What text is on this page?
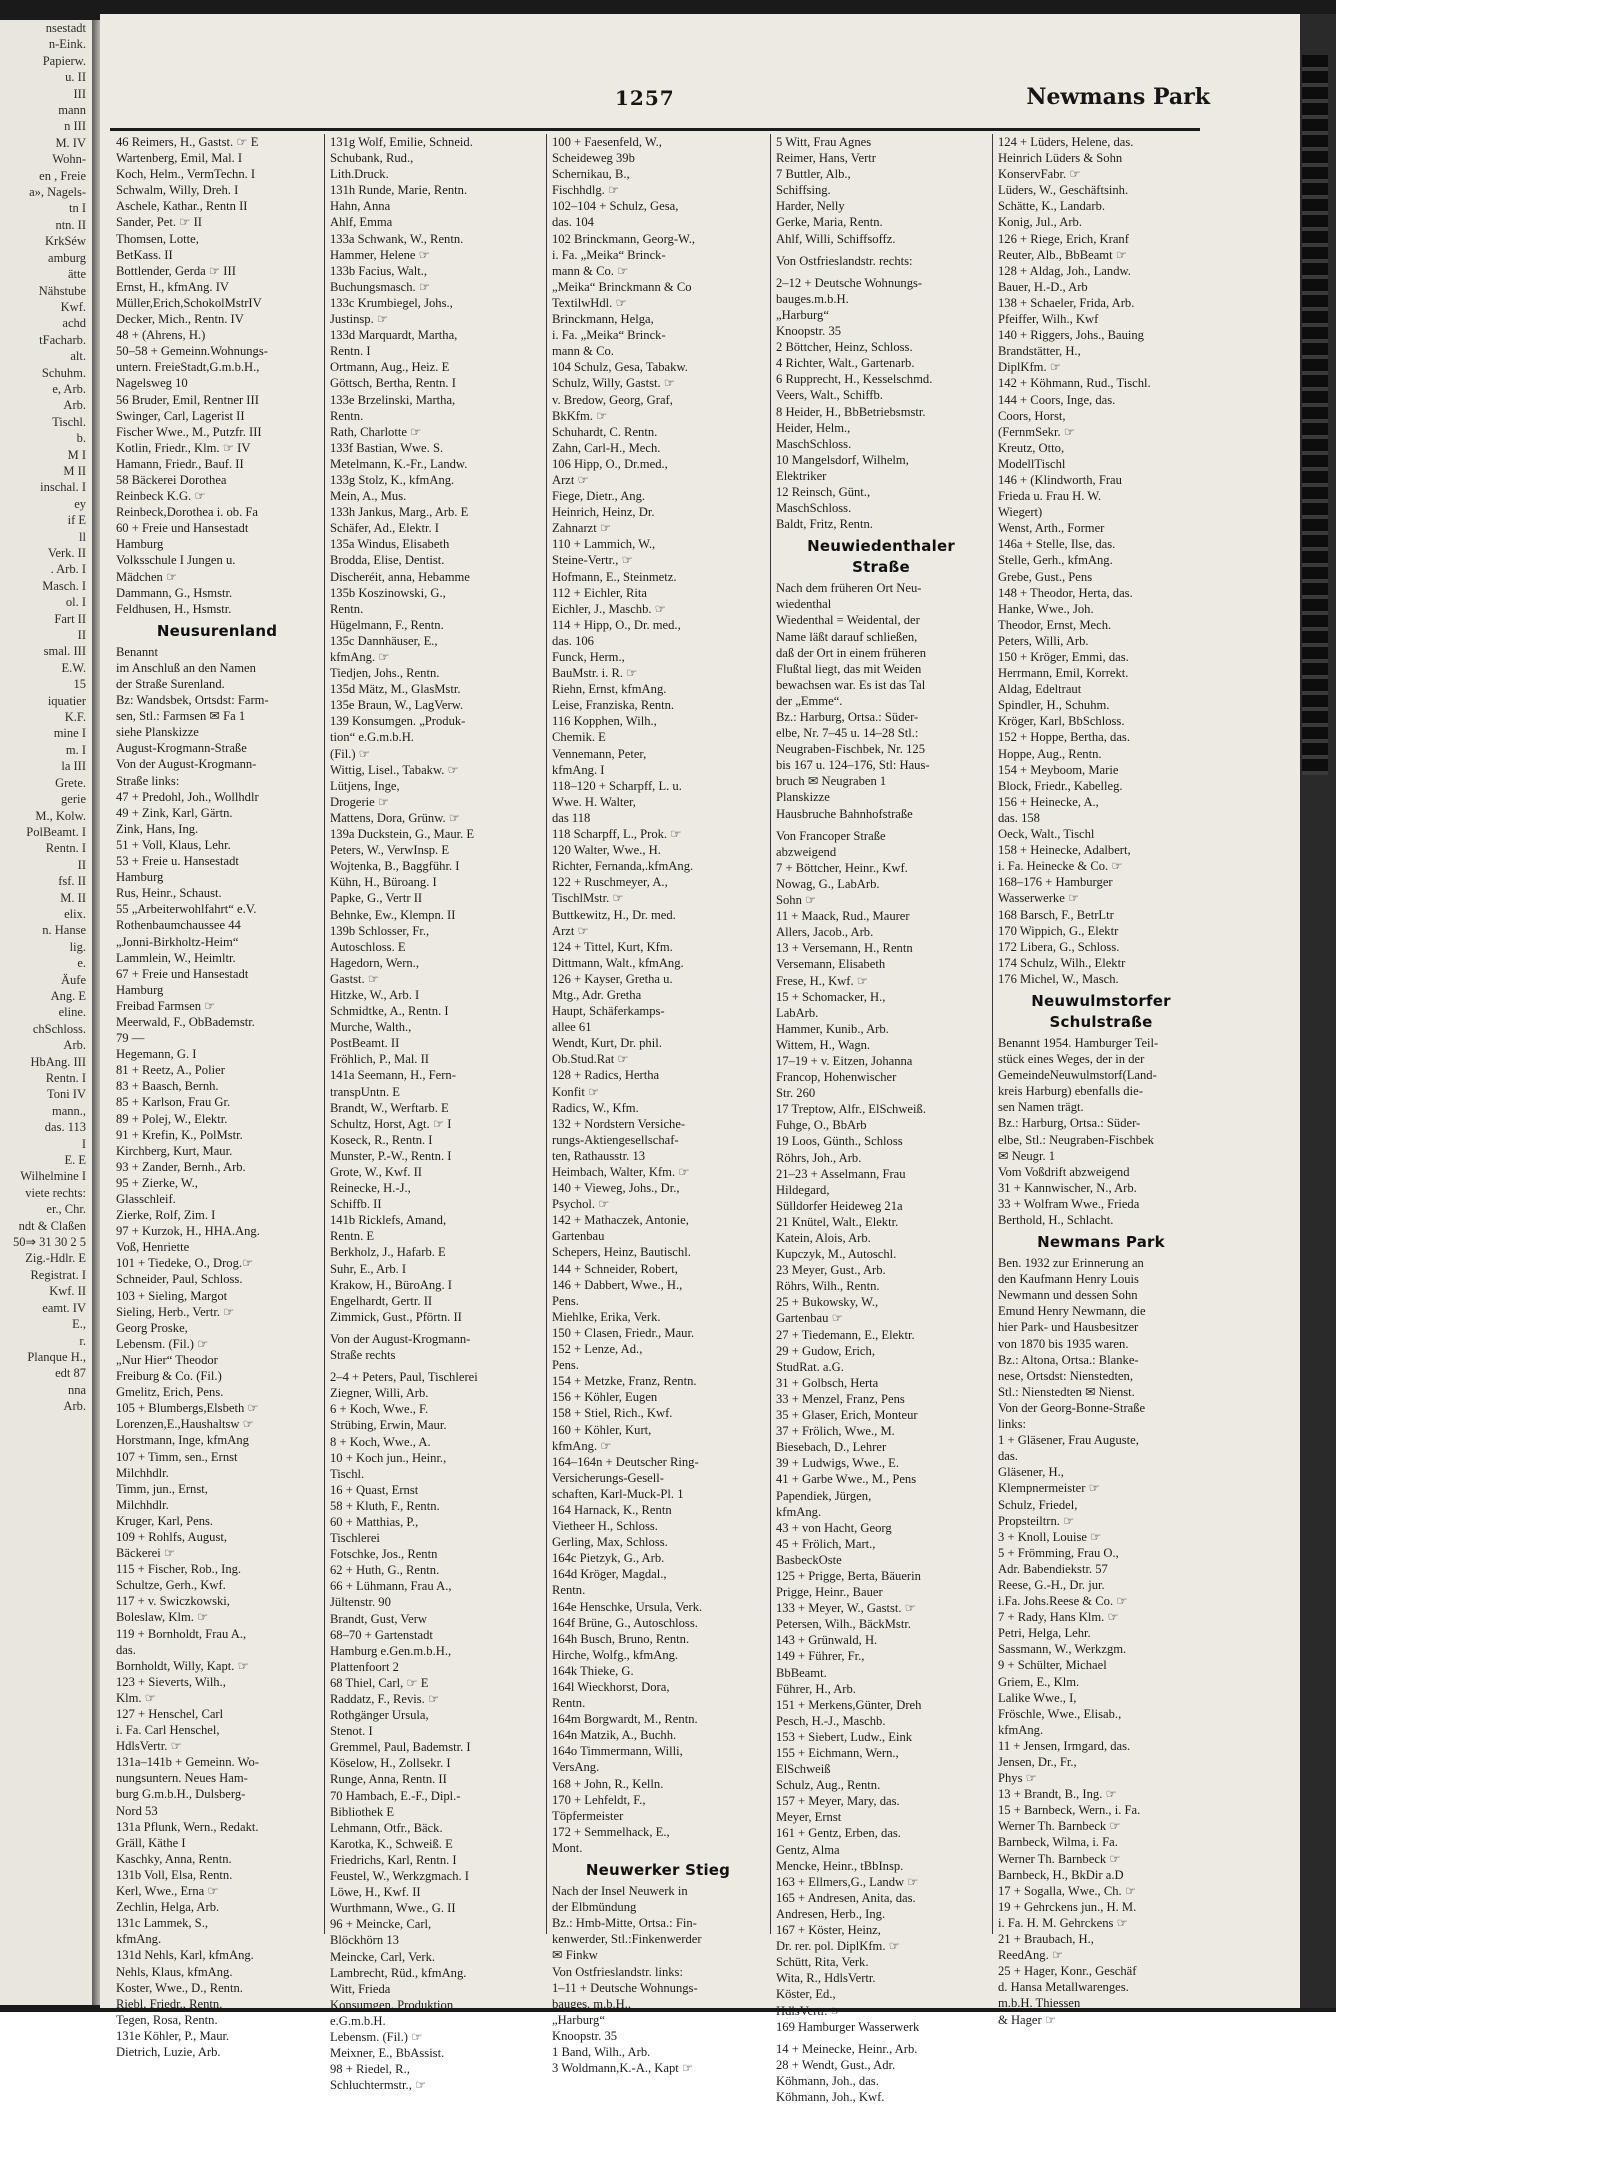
nsestadt
n-Eink.
Papierw.
u. II
III
mann
n III
M. IV
Wohn-
en , Freie
a», Nagels-
tn I
ntn. II
KrkSéw
amburg
ätte
Nähstube
Kwf.
achd
tFacharb.
alt.
Schuhm.
e, Arb.
Arb.
Tischl.
b.
M I
M II
inschal. I
ey
if E
ll
Verk. II
. Arb. I
Masch. I
ol. I
Fart II
II
smal. III
E.W.
15
iquatier
K.F.
mine I
m. I
la III
Grete.
gerie
M., Kolw.
PolBeamt. I
Rentn. I
II
fsf. II
M. II
elix.
n. Hanse
lig.
e.
Äufe
Ang. E
eline.
chSchloss.
Arb.
HbAng. III
Rentn. I
Toni IV
mann.,
das. 113
I
E. E
Wilhelmine I
viete rechts:
er., Chr.
ndt & Claßen
50⇒ 31 30 2 5
Zig.-Hdlr. E
Registrat. I
Kwf. II
eamt. IV
E.,
r.
Planque H.,
edt 87
nna
Arb.
1257	Newmans Park
46 Reimers, H., Gastst. ☞ E
Wartenberg, Emil, Mal. I
Koch, Helm., VermTechn. I
Schwalm, Willy, Dreh. I
Aschele, Kathar., Rentn II
Sander, Pet. ☞ II
Thomsen, Lotte,
BetKass. II
Bottlender, Gerda ☞ III
Ernst, H., kfmAng. IV
Müller,Erich,SchokolMstrIV
Decker, Mich., Rentn. IV
48 + (Ahrens, H.)
50–58 + Gemeinn.Wohnungs-
untern. FreieStadt,G.m.b.H.,
Nagelsweg 10
56 Bruder, Emil, Rentner III
Swinger, Carl, Lagerist II
Fischer Wwe., M., Putzfr. III
Kotlin, Friedr., Klm. ☞ IV
Hamann, Friedr., Bauf. II
58 Bäckerei Dorothea
Reinbeck K.G. ☞
Reinbeck,Dorothea i. ob. Fa
60 + Freie und Hansestadt
Hamburg
Volksschule I Jungen u.
Mädchen ☞
Dammann, G., Hsmstr.
Feldhusen, H., Hsmstr.
Neusurenland
Benannt
im Anschluß an den Namen
der Straße Surenland.
Bz: Wandsbek, Ortsdst: Farm-
sen, Stl.: Farmsen ✉ Fa 1
siehe Planskizze
August-Krogmann-Straße
Von der August-Krogmann-
Straße links:
47 + Predohl, Joh., Wollhdlr
49 + Zink, Karl, Gärtn.
Zink, Hans, Ing.
51 + Voll, Klaus, Lehr.
53 + Freie u. Hansestadt
Hamburg
Rus, Heinr., Schaust.
55 „Arbeiterwohlfahrt“ e.V.
Rothenbaumchaussee 44
„Jonni-Birkholtz-Heim“
Lammlein, W., Heimltr.
67 + Freie und Hansestadt
Hamburg
Freibad Farmsen ☞
Meerwald, F., ObBademstr.
79 —
Hegemann, G. I
81 + Reetz, A., Polier
83 + Baasch, Bernh.
85 + Karlson, Frau Gr.
89 + Polej, W., Elektr.
91 + Krefin, K., PolMstr.
Kirchberg, Kurt, Maur.
93 + Zander, Bernh., Arb.
95 + Zierke, W.,
Glasschleif.
Zierke, Rolf, Zim. I
97 + Kurzok, H., HHA.Ang.
Voß, Henriette
101 + Tiedeke, O., Drog.☞
Schneider, Paul, Schloss.
103 + Sieling, Margot
Sieling, Herb., Vertr. ☞
Georg Proske,
Lebensm. (Fil.) ☞
„Nur Hier“ Theodor
Freiburg & Co. (Fil.)
Gmelitz, Erich, Pens.
105 + Blumbergs,Elsbeth ☞
Lorenzen,E.,Haushaltsw ☞
Horstmann, Inge, kfmAng
107 + Timm, sen., Ernst
Milchhdlr.
Timm, jun., Ernst,
Milchhdlr.
Kruger, Karl, Pens.
109 + Rohlfs, August,
Bäckerei ☞
115 + Fischer, Rob., Ing.
Schultze, Gerh., Kwf.
117 + v. Swiczkowski,
Boleslaw, Klm. ☞
119 + Bornholdt, Frau A.,
das.
Bornholdt, Willy, Kapt. ☞
123 + Sieverts, Wilh.,
Klm. ☞
127 + Henschel, Carl
i. Fa. Carl Henschel,
HdlsVertr. ☞
131a–141b + Gemeinn. Wo-
nungsuntern. Neues Ham-
burg G.m.b.H., Dulsberg-
Nord 53
131a Pflunk, Wern., Redakt.
Gräll, Käthe I
Kaschky, Anna, Rentn.
131b Voll, Elsa, Rentn.
Kerl, Wwe., Erna ☞
Zechlin, Helga, Arb.
131c Lammek, S.,
kfmAng.
131d Nehls, Karl, kfmAng.
Nehls, Klaus, kfmAng.
Koster, Wwe., D., Rentn.
Riebl, Friedr., Rentn.
Tegen, Rosa, Rentn.
131e Köhler, P., Maur.
Dietrich, Luzie, Arb.
131g Wolf, Emilie, Schneid.
Schubank, Rud.,
Lith.Druck.
131h Runde, Marie, Rentn.
Hahn, Anna
Ahlf, Emma
133a Schwank, W., Rentn.
Hammer, Helene ☞
133b Facius, Walt.,
Buchungsmasch. ☞
133c Krumbiegel, Johs.,
Justinsp. ☞
133d Marquardt, Martha,
Rentn. I
Ortmann, Aug., Heiz. E
Göttsch, Bertha, Rentn. I
133e Brzelinski, Martha,
Rentn.
Rath, Charlotte ☞
133f Bastian, Wwe. S.
Metelmann, K.-Fr., Landw.
133g Stolz, K., kfmAng.
Mein, A., Mus.
133h Jankus, Marg., Arb. E
Schäfer, Ad., Elektr. I
135a Windus, Elisabeth
Brodda, Elise, Dentist.
Discheréit, anna, Hebamme
135b Koszinowski, G.,
Rentn.
Hügelmann, F., Rentn.
135c Dannhäuser, E.,
kfmAng. ☞
Tiedjen, Johs., Rentn.
135d Mätz, M., GlasMstr.
135e Braun, W., LagVerw.
139 Konsumgen. „Produk-
tion“ e.G.m.b.H.
(Fil.) ☞
Wittig, Lisel., Tabakw. ☞
Lütjens, Inge,
Drogerie ☞
Mattens, Dora, Grünw. ☞
139a Duckstein, G., Maur. E
Peters, W., VerwInsp. E
Wojtenka, B., Baggführ. I
Kühn, H., Büroang. I
Papke, G., Vertr II
Behnke, Ew., Klempn. II
139b Schlosser, Fr.,
Autoschloss. E
Hagedorn, Wern.,
Gastst. ☞
Hitzke, W., Arb. I
Schmidtke, A., Rentn. I
Murche, Walth.,
PostBeamt. II
Fröhlich, P., Mal. II
141a Seemann, H., Fern-
transpUntn. E
Brandt, W., Werftarb. E
Schultz, Horst, Agt. ☞ I
Koseck, R., Rentn. I
Munster, P.-W., Rentn. I
Grote, W., Kwf. II
Reinecke, H.-J.,
Schiffb. II
141b Ricklefs, Amand,
Rentn. E
Berkholz, J., Hafarb. E
Suhr, E., Arb. I
Krakow, H., BüroAng. I
Engelhardt, Gertr. II
Zimmick, Gust., Pförtn. II
Von der August-Krogmann-
Straße rechts
2–4 + Peters, Paul, Tischlerei
Ziegner, Willi, Arb.
6 + Koch, Wwe., F.
Strübing, Erwin, Maur.
8 + Koch, Wwe., A.
10 + Koch jun., Heinr.,
Tischl.
16 + Quast, Ernst
58 + Kluth, F., Rentn.
60 + Matthias, P.,
Tischlerei
Fotschke, Jos., Rentn
62 + Huth, G., Rentn.
66 + Lühmann, Frau A.,
Jültenstr. 90
Brandt, Gust, Verw
68–70 + Gartenstadt
Hamburg e.Gen.m.b.H.,
Plattenfoort 2
68 Thiel, Carl, ☞ E
Raddatz, F., Revis. ☞
Rothgänger Ursula,
Stenot. I
Gremmel, Paul, Bademstr. I
Köselow, H., Zollsekr. I
Runge, Anna, Rentn. II
70 Hambach, E.-F., Dipl.-
Bibliothek E
Lehmann, Otfr., Bäck.
Karotka, K., Schweiß. E
Friedrichs, Karl, Rentn. I
Feustel, W., Werkzgmach. I
Löwe, H., Kwf. II
Wurthmann, Wwe., G. II
96 + Meincke, Carl,
Blöckhörn 13
Meincke, Carl, Verk.
Lambrecht, Rüd., kfmAng.
Witt, Frieda
Konsumgen. Produktion
e.G.m.b.H.
Lebensm. (Fil.) ☞
Meixner, E., BbAssist.
98 + Riedel, R.,
Schluchtermstr., ☞
100 + Faesenfeld, W.,
Scheideweg 39b
Schernikau, B.,
Fischhdlg. ☞
102–104 + Schulz, Gesa,
das. 104
102 Brinckmann, Georg-W.,
i. Fa. „Meika“ Brinck-
mann & Co. ☞
„Meika“ Brinckmann & Co
TextilwHdl. ☞
Brinckmann, Helga,
i. Fa. „Meika“ Brinck-
mann & Co.
104 Schulz, Gesa, Tabakw.
Schulz, Willy, Gastst. ☞
v. Bredow, Georg, Graf,
BkKfm. ☞
Schuhardt, C. Rentn.
Zahn, Carl-H., Mech.
106 Hipp, O., Dr.med.,
Arzt ☞
Fiege, Dietr., Ang.
Heinrich, Heinz, Dr.
Zahnarzt ☞
110 + Lammich, W.,
Steine-Vertr., ☞
Hofmann, E., Steinmetz.
112 + Eichler, Rita
Eichler, J., Maschb. ☞
114 + Hipp, O., Dr. med.,
das. 106
Funck, Herm.,
BauMstr. i. R. ☞
Riehn, Ernst, kfmAng.
Leise, Franziska, Rentn.
116 Kopphen, Wilh.,
Chemik. E
Vennemann, Peter,
kfmAng. I
118–120 + Scharpff, L. u.
Wwe. H. Walter,
das 118
118 Scharpff, L., Prok. ☞
120 Walter, Wwe., H.
Richter, Fernanda,.kfmAng.
122 + Ruschmeyer, A.,
TischlMstr. ☞
Buttkewitz, H., Dr. med.
Arzt ☞
124 + Tittel, Kurt, Kfm.
Dittmann, Walt., kfmAng.
126 + Kayser, Gretha u.
Mtg., Adr. Gretha
Haupt, Schäferkamps-
allee 61
Wendt, Kurt, Dr. phil.
Ob.Stud.Rat ☞
128 + Radics, Hertha
Konfit ☞
Radics, W., Kfm.
132 + Nordstern Versiche-
rungs-Aktiengesellschaf-
ten, Rathausstr. 13
Heimbach, Walter, Kfm. ☞
140 + Vieweg, Johs., Dr.,
Psychol. ☞
142 + Mathaczek, Antonie,
Gartenbau
Schepers, Heinz, Bautischl.
144 + Schneider, Robert,
146 + Dabbert, Wwe., H.,
Pens.
Miehlke, Erika, Verk.
150 + Clasen, Friedr., Maur.
152 + Lenze, Ad.,
Pens.
154 + Metzke, Franz, Rentn.
156 + Köhler, Eugen
158 + Stiel, Rich., Kwf.
160 + Köhler, Kurt,
kfmAng. ☞
164–164n + Deutscher Ring-
Versicherungs-Gesell-
schaften, Karl-Muck-Pl. 1
164 Harnack, K., Rentn
Vietheer H., Schloss.
Gerling, Max, Schloss.
164c Pietzyk, G., Arb.
164d Kröger, Magdal.,
Rentn.
164e Henschke, Ursula, Verk.
164f Brüne, G., Autoschloss.
164h Busch, Bruno, Rentn.
Hirche, Wolfg., kfmAng.
164k Thieke, G.
164l Wieckhorst, Dora,
Rentn.
164m Borgwardt, M., Rentn.
164n Matzik, A., Buchh.
164o Timmermann, Willi,
VersAng.
168 + John, R., Kelln.
170 + Lehfeldt, F.,
Töpfermeister
172 + Semmelhack, E.,
Mont.
Neuwerker Stieg
Nach der Insel Neuwerk in
der Elbmündung
Bz.: Hmb-Mitte, Ortsa.: Fin-
kenwerder, Stl.:Finkenwerder
✉ Finkw
Von Ostfrieslandstr. links:
1–11 + Deutsche Wohnungs-
bauges. m.b.H.,
„Harburg“
Knoopstr. 35
1 Band, Wilh., Arb.
3 Woldmann,K.-A., Kapt ☞
5 Witt, Frau Agnes
Reimer, Hans, Vertr
7 Buttler, Alb.,
Schiffsing.
Harder, Nelly
Gerke, Maria, Rentn.
Ahlf, Willi, Schiffsoffz.
Von Ostfrieslandstr. rechts:
2–12 + Deutsche Wohnungs-
bauges.m.b.H.
„Harburg“
Knoopstr. 35
2 Böttcher, Heinz, Schloss.
4 Richter, Walt., Gartenarb.
6 Rupprecht, H., Kesselschmd.
Veers, Walt., Schiffb.
8 Heider, H., BbBetriebsmstr.
Heider, Helm.,
MaschSchloss.
10 Mangelsdorf, Wilhelm,
Elektriker
12 Reinsch, Günt.,
MaschSchloss.
Baldt, Fritz, Rentn.
Neuwiedenthaler Straße
Nach dem früheren Ort Neu-
wiedenthal
Wiedenthal = Weidental, der
Name läßt darauf schließen,
daß der Ort in einem früheren
Flußtal liegt, das mit Weiden
bewachsen war. Es ist das Tal
der „Emme“.
Bz.: Harburg, Ortsa.: Süder-
elbe, Nr. 7–45 u. 14–28 Stl.:
Neugraben-Fischbek, Nr. 125
bis 167 u. 124–176, Stl: Haus-
bruch ✉ Neugraben 1
Planskizze
Hausbruche Bahnhofstraße
Von Francoper Straße
abzweigend
7 + Böttcher, Heinr., Kwf.
Nowag, G., LabArb.
Sohn ☞
11 + Maack, Rud., Maurer
Allers, Jacob., Arb.
13 + Versemann, H., Rentn
Versemann, Elisabeth
Frese, H., Kwf. ☞
15 + Schomacker, H.,
LabArb.
Hammer, Kunib., Arb.
Wittem, H., Wagn.
17–19 + v. Eitzen, Johanna
Francop, Hohenwischer
Str. 260
17 Treptow, Alfr., ElSchweiß.
Fuhge, O., BbArb
19 Loos, Günth., Schloss
Röhrs, Joh., Arb.
21–23 + Asselmann, Frau
Hildegard,
Sülldorfer Heideweg 21a
21 Knütel, Walt., Elektr.
Katein, Alois, Arb.
Kupczyk, M., Autoschl.
23 Meyer, Gust., Arb.
Röhrs, Wilh., Rentn.
25 + Bukowsky, W.,
Gartenbau ☞
27 + Tiedemann, E., Elektr.
29 + Gudow, Erich,
StudRat. a.G.
31 + Golbsch, Herta
33 + Menzel, Franz, Pens
35 + Glaser, Erich, Monteur
37 + Frölich, Wwe., M.
Biesebach, D., Lehrer
39 + Ludwigs, Wwe., E.
41 + Garbe Wwe., M., Pens
Papendiek, Jürgen,
kfmAng.
43 + von Hacht, Georg
45 + Frölich, Mart.,
BasbeckOste
125 + Prigge, Berta, Bäuerin
Prigge, Heinr., Bauer
133 + Meyer, W., Gastst. ☞
Petersen, Wilh., BäckMstr.
143 + Grünwald, H.
149 + Führer, Fr.,
BbBeamt.
Führer, H., Arb.
151 + Merkens,Günter, Dreh
Pesch, H.-J., Maschb.
153 + Siebert, Ludw., Eink
155 + Eichmann, Wern.,
ElSchweiß
Schulz, Aug., Rentn.
157 + Meyer, Mary, das.
Meyer, Ernst
161 + Gentz, Erben, das.
Gentz, Alma
Mencke, Heinr., tBbInsp.
163 + Ellmers,G., Landw ☞
165 + Andresen, Anita, das.
Andresen, Herb., Ing.
167 + Köster, Heinz,
Dr. rer. pol. DiplKfm. ☞
Schütt, Rita, Verk.
Wita, R., HdlsVertr.
Köster, Ed.,
HdlsVertr. ☞
169 Hamburger Wasserwerk
14 + Meinecke, Heinr., Arb.
28 + Wendt, Gust., Adr.
Köhmann, Joh., das.
Köhmann, Joh., Kwf.
124 + Lüders, Helene, das.
Heinrich Lüders & Sohn
KonservFabr. ☞
Lüders, W., Geschäftsinh.
Schätte, K., Landarb.
Konig, Jul., Arb.
126 + Riege, Erich, Kranf
Reuter, Alb., BbBeamt ☞
128 + Aldag, Joh., Landw.
Bauer, H.-D., Arb
138 + Schaeler, Frida, Arb.
Pfeiffer, Wilh., Kwf
140 + Riggers, Johs., Bauing
Brandstätter, H.,
DiplKfm. ☞
142 + Köhmann, Rud., Tischl.
144 + Coors, Inge, das.
Coors, Horst,
(FernmSekr. ☞
Kreutz, Otto,
ModellTischl
146 + (Klindworth, Frau
Frieda u. Frau H. W.
Wiegert)
Wenst, Arth., Former
146a + Stelle, Ilse, das.
Stelle, Gerh., kfmAng.
Grebe, Gust., Pens
148 + Theodor, Herta, das.
Hanke, Wwe., Joh.
Theodor, Ernst, Mech.
Peters, Willi, Arb.
150 + Kröger, Emmi, das.
Herrmann, Emil, Korrekt.
Aldag, Edeltraut
Spindler, H., Schuhm.
Kröger, Karl, BbSchloss.
152 + Hoppe, Bertha, das.
Hoppe, Aug., Rentn.
154 + Meyboom, Marie
Block, Friedr., Kabelleg.
156 + Heinecke, A.,
das. 158
Oeck, Walt., Tischl
158 + Heinecke, Adalbert,
i. Fa. Heinecke & Co. ☞
168–176 + Hamburger
Wasserwerke ☞
168 Barsch, F., BetrLtr
170 Wippich, G., Elektr
172 Libera, G., Schloss.
174 Schulz, Wilh., Elektr
176 Michel, W., Masch.
Neuwulmstorfer Schulstraße
Benannt 1954. Hamburger Teil-
stück eines Weges, der in der
GemeindeNeuwulmstorf(Land-
kreis Harburg) ebenfalls die-
sen Namen trägt.
Bz.: Harburg, Ortsa.: Süder-
elbe, Stl.: Neugraben-Fischbek
✉ Neugr. 1
Vom Voßdrift abzweigend
31 + Kannwischer, N., Arb.
33 + Wolfram Wwe., Frieda
Berthold, H., Schlacht.
Newmans Park
Ben. 1932 zur Erinnerung an
den Kaufmann Henry Louis
Newmann und dessen Sohn
Emund Henry Newmann, die
hier Park- und Hausbesitzer
von 1870 bis 1935 waren.
Bz.: Altona, Ortsa.: Blanke-
nese, Ortsdst: Nienstedten,
Stl.: Nienstedten ✉ Nienst.
Von der Georg-Bonne-Straße
links:
1 + Gläsener, Frau Auguste,
das.
Gläsener, H.,
Klempnermeister ☞
Schulz, Friedel,
Propsteiltrn. ☞
3 + Knoll, Louise ☞
5 + Frömming, Frau O.,
Adr. Babendiekstr. 57
Reese, G.-H., Dr. jur.
i.Fa. Johs.Reese & Co. ☞
7 + Rady, Hans Klm. ☞
Petri, Helga, Lehr.
Sassmann, W., Werkzgm.
9 + Schülter, Michael
Griem, E., Klm.
Lalike Wwe., I,
Fröschle, Wwe., Elisab.,
kfmAng.
11 + Jensen, Irmgard, das.
Jensen, Dr., Fr.,
Phys ☞
13 + Brandt, B., Ing. ☞
15 + Barnbeck, Wern., i. Fa.
Werner Th. Barnbeck ☞
Barnbeck, Wilma, i. Fa.
Werner Th. Barnbeck ☞
Barnbeck, H., BkDir a.D
17 + Sogalla, Wwe., Ch. ☞
19 + Gehrckens jun., H. M.
i. Fa. H. M. Gehrckens ☞
21 + Braubach, H.,
ReedAng. ☞
25 + Hager, Konr., Geschäf
d. Hansa Metallwarenges.
m.b.H. Thiessen
& Hager ☞
